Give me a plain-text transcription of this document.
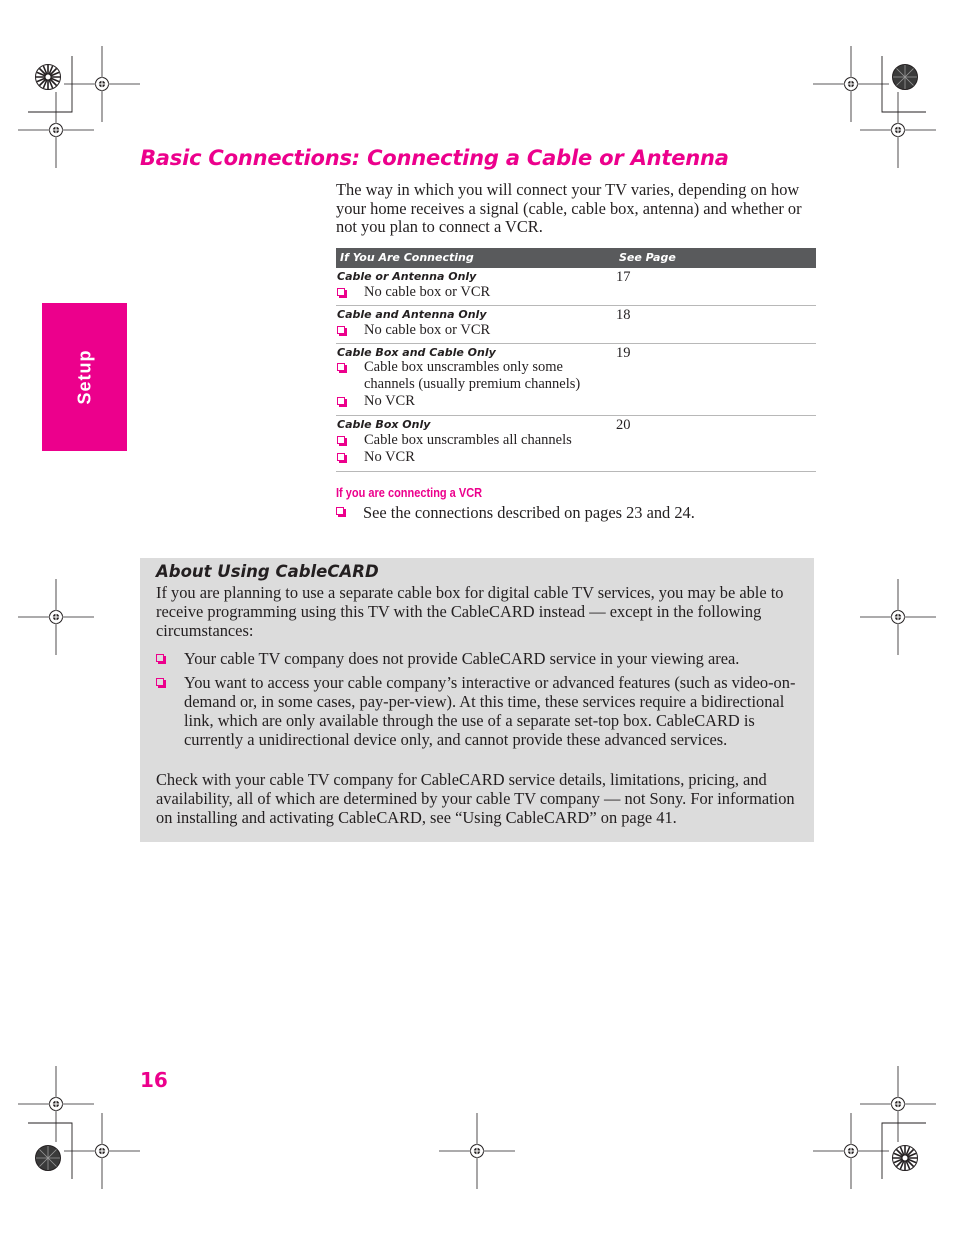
Setup
Basic Connections: Connecting a Cable or Antenna
The way in which you will connect your TV varies, depending on how your home receives a signal (cable, cable box, antenna) and whether or not you plan to connect a VCR.
If You Are Connecting	See Page
Cable or Antenna Only	17
No cable box or VCR
Cable and Antenna Only	18
No cable box or VCR
Cable Box and Cable Only	19
Cable box unscrambles only some channels (usually premium channels)
No VCR
Cable Box Only	20
Cable box unscrambles all channels
No VCR
If you are connecting a VCR
See the connections described on pages 23 and 24.
About Using CableCARD
If you are planning to use a separate cable box for digital cable TV services, you may be able to receive programming using this TV with the CableCARD instead — except in the following circumstances:
Your cable TV company does not provide CableCARD service in your viewing area.
You want to access your cable company’s interactive or advanced features (such as video-on-demand or, in some cases, pay-per-view). At this time, these services require a bidirectional link, which are only available through the use of a separate set-top box. CableCARD is currently a unidirectional device only, and cannot provide these advanced services.
Check with your cable TV company for CableCARD service details, limitations, pricing, and availability, all of which are determined by your cable TV company — not Sony. For information on installing and activating CableCARD, see “Using CableCARD” on page 41.
16
